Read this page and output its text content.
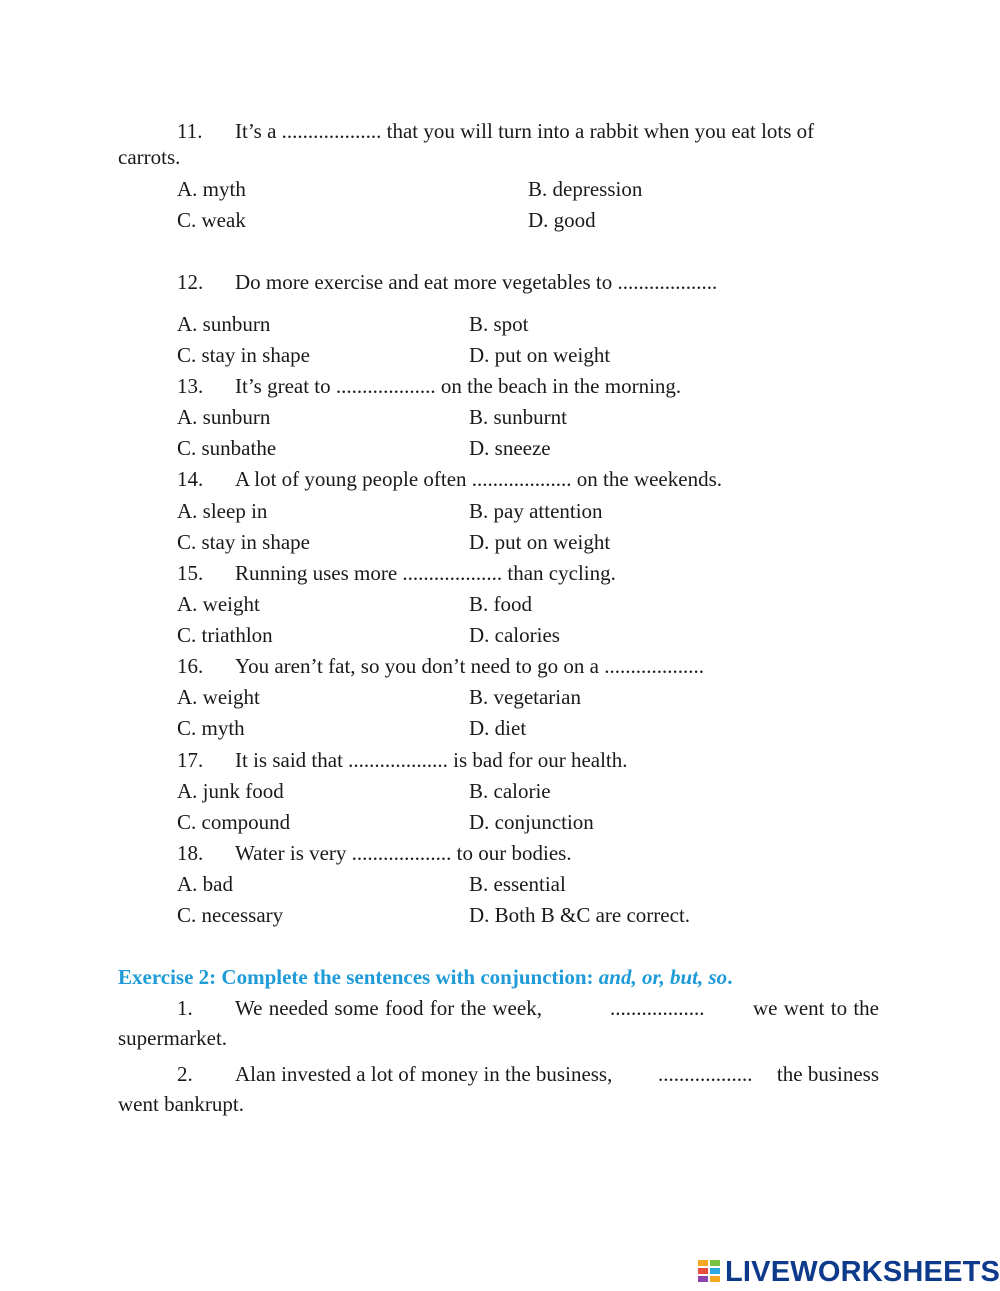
11. It’s a ................... that you will turn into a rabbit when you eat lots of
carrots.
A. myth	B. depression
C. weak	D. good
12. Do more exercise and eat more vegetables to ...................
A. sunburn	B. spot
C. stay in shape	D. put on weight
13. It’s great to ................... on the beach in the morning.
A. sunburn	B. sunburnt
C. sunbathe	D. sneeze
14. A lot of young people often ................... on the weekends.
A. sleep in	B. pay attention
C. stay in shape	D. put on weight
15. Running uses more ................... than cycling.
A. weight	B. food
C. triathlon	D. calories
16. You aren’t fat, so you don’t need to go on a ...................
A. weight	B. vegetarian
C. myth	D. diet
17. It is said that ................... is bad for our health.
A. junk food	B. calorie
C. compound	D. conjunction
18. Water is very ................... to our bodies.
A. bad	B. essential
C. necessary	D. Both B &C are correct.
Exercise 2: Complete the sentences with conjunction: and, or, but, so.
1. We needed some food for the week,	.................. we went to the
supermarket.
2. Alan invested a lot of money in the business, .................. the business
went bankrupt.
LIVEWORKSHEETS
